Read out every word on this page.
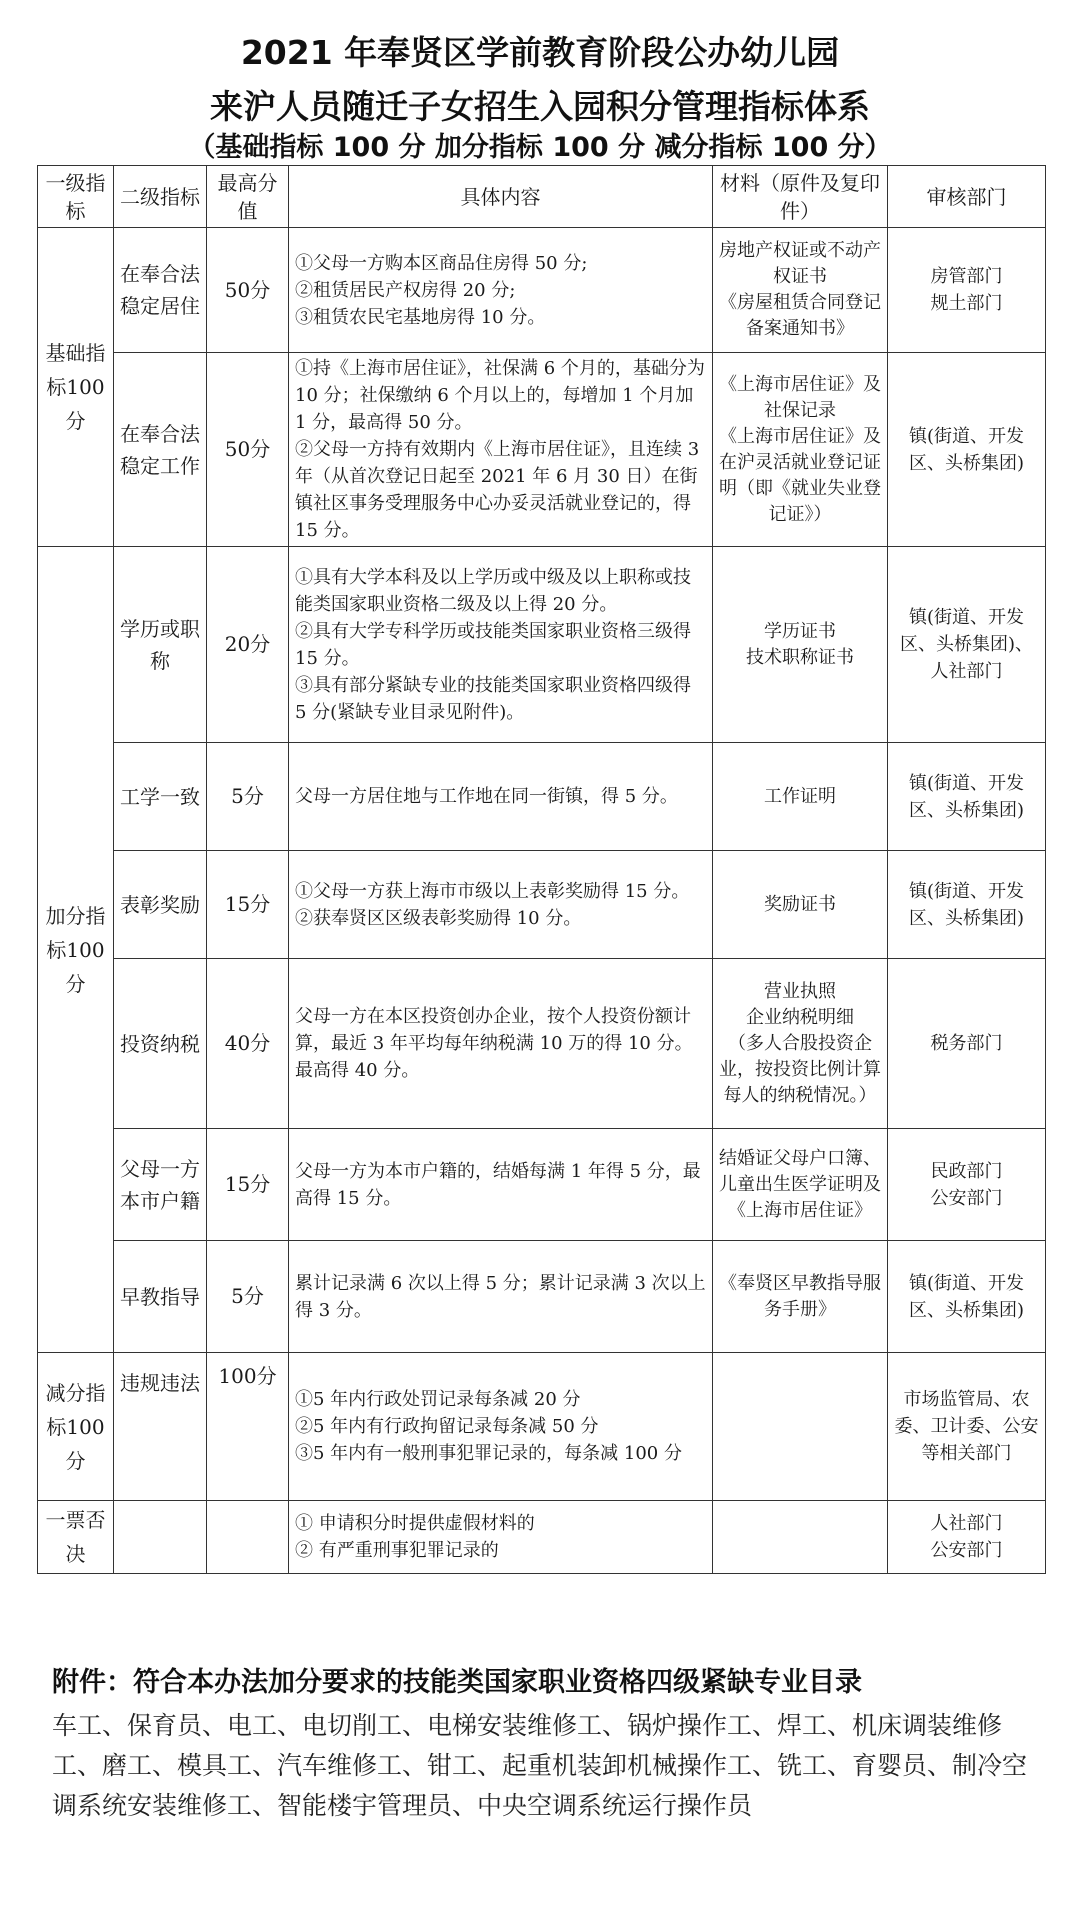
2021 年奉贤区学前教育阶段公办幼儿园
来沪人员随迁子女招生入园积分管理指标体系
（基础指标 100 分 加分指标 100 分 减分指标 100 分）
一级指标	二级指标	最高分值	具体内容	材料（原件及复印件）	审核部门
基础指标100分	在奉合法稳定居住	50分	①父母一方购本区商品住房得 50 分;
②租赁居民产权房得 20 分;
③租赁农民宅基地房得 10 分。	房地产权证或不动产权证书
《房屋租赁合同登记备案通知书》	房管部门
规土部门

	在奉合法稳定工作	50分	①持《上海市居住证》，社保满 6 个月的，基础分为 10 分；社保缴纳 6 个月以上的，每增加 1 个月加 1 分，最高得 50 分。
②父母一方持有效期内《上海市居住证》，且连续 3 年（从首次登记日起至 2021 年 6 月 30 日）在街镇社区事务受理服务中心办妥灵活就业登记的，得 15 分。	《上海市居住证》及社保记录
《上海市居住证》及在沪灵活就业登记证明（即《就业失业登记证》）	镇(街道、开发区、头桥集团)

加分指标100分	学历或职称	20分	①具有大学本科及以上学历或中级及以上职称或技能类国家职业资格二级及以上得 20 分。
②具有大学专科学历或技能类国家职业资格三级得 15 分。
③具有部分紧缺专业的技能类国家职业资格四级得 5 分(紧缺专业目录见附件)。	学历证书
技术职称证书	镇(街道、开发区、头桥集团)、人社部门

	工学一致	5分	父母一方居住地与工作地在同一街镇，得 5 分。	工作证明	镇(街道、开发区、头桥集团)

	表彰奖励	15分	①父母一方获上海市市级以上表彰奖励得 15 分。
②获奉贤区区级表彰奖励得 10 分。	奖励证书	镇(街道、开发区、头桥集团)

	投资纳税	40分	父母一方在本区投资创办企业，按个人投资份额计算，最近 3 年平均每年纳税满 10 万的得 10 分。最高得 40 分。	营业执照
企业纳税明细
（多人合股投资企业，按投资比例计算每人的纳税情况。）	税务部门

	父母一方本市户籍	15分	父母一方为本市户籍的，结婚每满 1 年得 5 分，最高得 15 分。	结婚证父母户口簿、儿童出生医学证明及《上海市居住证》	民政部门
公安部门

	早教指导	5分	累计记录满 6 次以上得 5 分；累计记录满 3 次以上得 3 分。	《奉贤区早教指导服务手册》	镇(街道、开发区、头桥集团)

减分指标100分	违规违法	100分	①5 年内行政处罚记录每条减 20 分
②5 年内有行政拘留记录每条减 50 分
③5 年内有一般刑事犯罪记录的，每条减 100 分		市场监管局、农委、卫计委、公安等相关部门

一票否决			① 申请积分时提供虚假材料的
② 有严重刑事犯罪记录的		人社部门
公安部门
附件：符合本办法加分要求的技能类国家职业资格四级紧缺专业目录
车工、保育员、电工、电切削工、电梯安装维修工、锅炉操作工、焊工、机床调装维修工、磨工、模具工、汽车维修工、钳工、起重机装卸机械操作工、铣工、育婴员、制冷空调系统安装维修工、智能楼宇管理员、中央空调系统运行操作员
